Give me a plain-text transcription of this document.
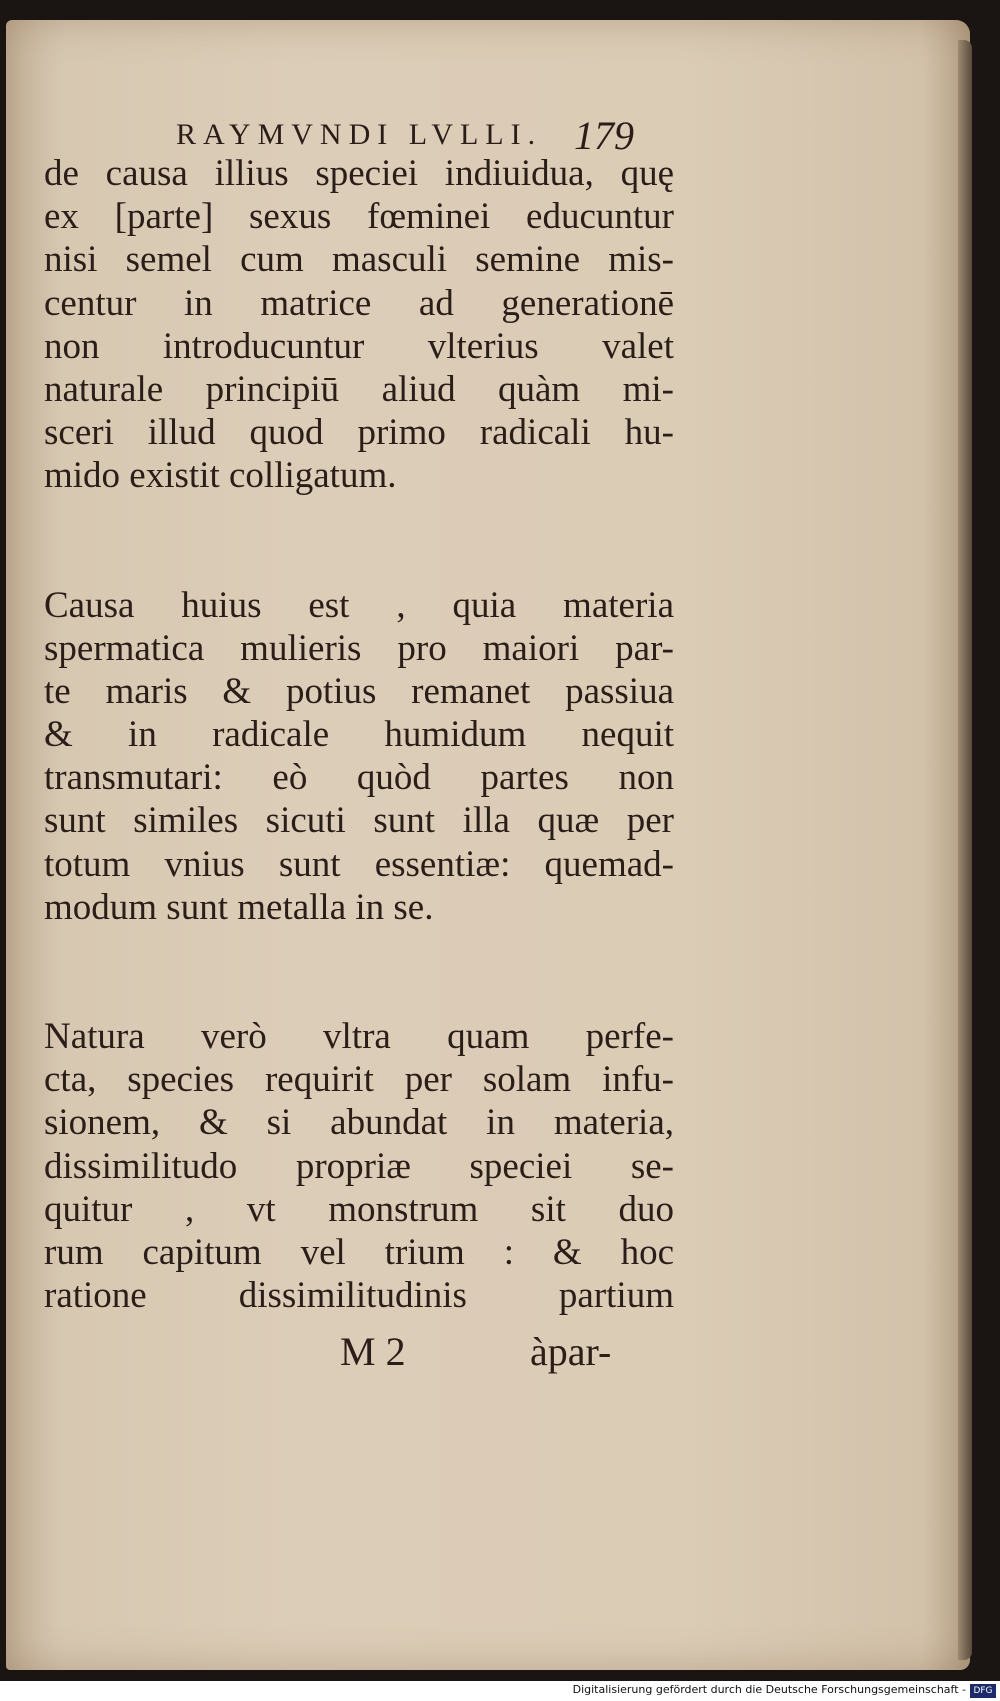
RAYMVNDI LVLLI. 179
de causa illius speciei indiuidua, quę
ex [parte] sexus fœminei educuntur
nisi semel cum masculi semine mis-
centur in matrice ad generationē
non introducuntur vlterius valet
naturale principiū aliud quàm mi-
sceri illud quod primo radicali hu-
mido existit colligatum.
Causa huius est , quia materia
spermatica mulieris pro maiori par-
te maris & potius remanet passiua
& in radicale humidum nequit
transmutari: eò quòd partes non
sunt similes sicuti sunt illa quæ per
totum vnius sunt essentiæ: quemad-
modum sunt metalla in se.
Natura verò vltra quam perfe-
cta, species requirit per solam infu-
sionem, & si abundat in materia,
dissimilitudo propriæ speciei se-
quitur , vt monstrum sit duo
rum capitum vel trium : & hoc
ratione dissimilitudinis partium
M 2	àpar-
Digitalisierung gefördert durch die Deutsche Forschungsgemeinschaft - DFG
